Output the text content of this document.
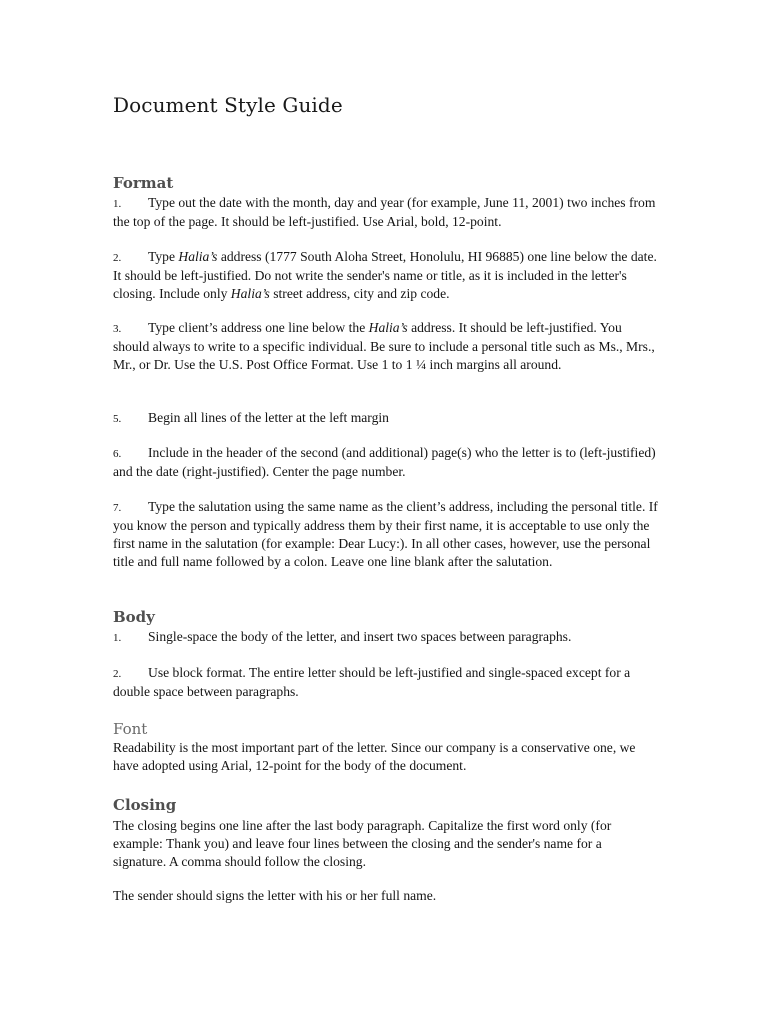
Document Style Guide
Format

1. Type out the date with the month, day and year (for example, June 11, 2001) two inches from the top of the page. It should be left-justified. Use Arial, bold, 12-point.

2. Type Halia’s address (1777 South Aloha Street, Honolulu, HI 96885) one line below the date. It should be left-justified. Do not write the sender's name or title, as it is included in the letter's closing. Include only Halia’s street address, city and zip code.

3. Type client’s address one line below the Halia’s address. It should be left-justified. You should always to write to a specific individual. Be sure to include a personal title such as Ms., Mrs., Mr., or Dr. Use the U.S. Post Office Format. Use 1 to 1 ¼ inch margins all around.

5. Begin all lines of the letter at the left margin

6. Include in the header of the second (and additional) page(s) who the letter is to (left-justified) and the date (right-justified). Center the page number.

7. Type the salutation using the same name as the client’s address, including the personal title. If you know the person and typically address them by their first name, it is acceptable to use only the first name in the salutation (for example: Dear Lucy:). In all other cases, however, use the personal title and full name followed by a colon. Leave one line blank after the salutation.

Body

1. Single-space the body of the letter, and insert two spaces between paragraphs.

2. Use block format. The entire letter should be left-justified and single-spaced except for a double space between paragraphs.

Font

Readability is the most important part of the letter. Since our company is a conservative one, we have adopted using Arial, 12-point for the body of the document.

Closing

The closing begins one line after the last body paragraph. Capitalize the first word only (for example: Thank you) and leave four lines between the closing and the sender's name for a signature. A comma should follow the closing.

The sender should signs the letter with his or her full name.
